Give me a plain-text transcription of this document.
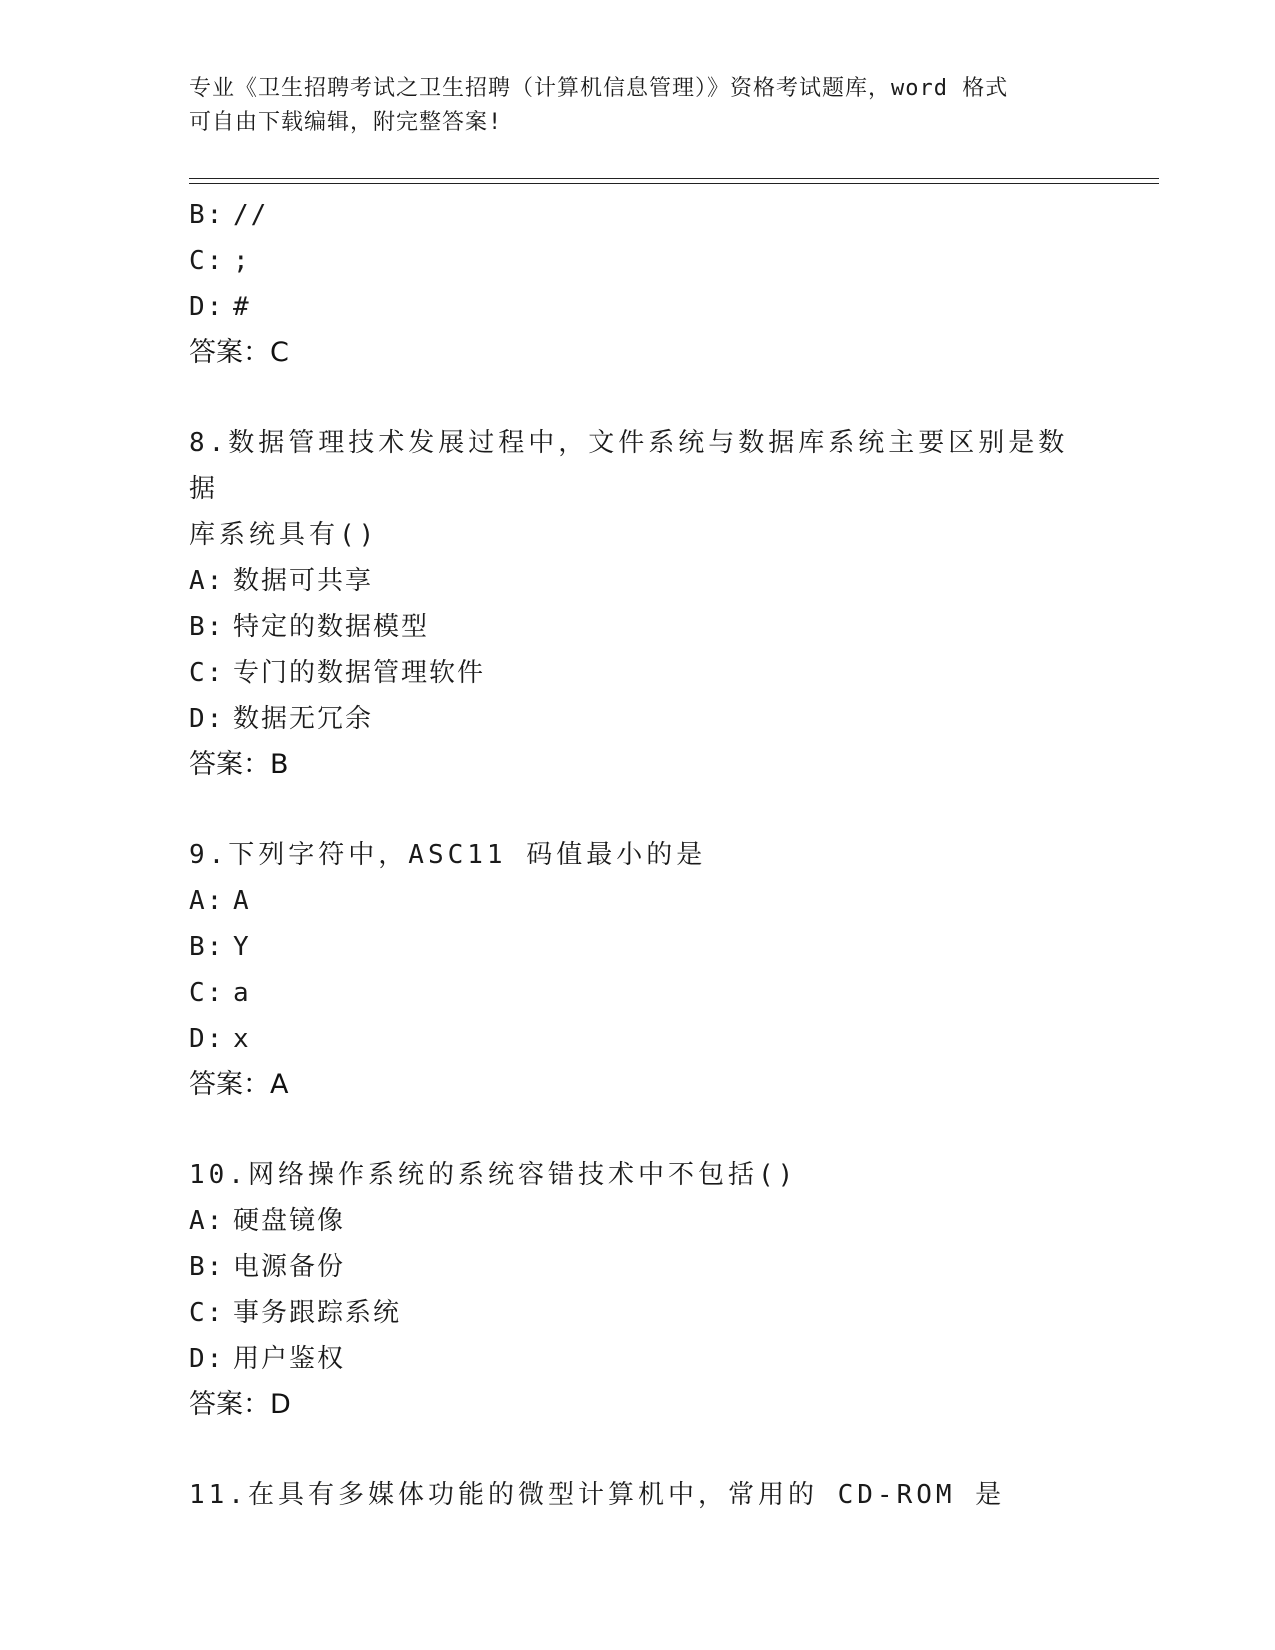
专业《卫生招聘考试之卫生招聘（计算机信息管理）》资格考试题库，word 格式
可自由下载编辑，附完整答案!
B: //
C: ;
D: #
答案：C
8.数据管理技术发展过程中，文件系统与数据库系统主要区别是数据
库系统具有()
A: 数据可共享
B: 特定的数据模型
C: 专门的数据管理软件
D: 数据无冗余
答案：B
9.下列字符中，ASC11 码值最小的是
A: A
B: Y
C: a
D: x
答案：A
10.网络操作系统的系统容错技术中不包括()
A: 硬盘镜像
B: 电源备份
C: 事务跟踪系统
D: 用户鉴权
答案：D
11.在具有多媒体功能的微型计算机中，常用的 CD-ROM 是
